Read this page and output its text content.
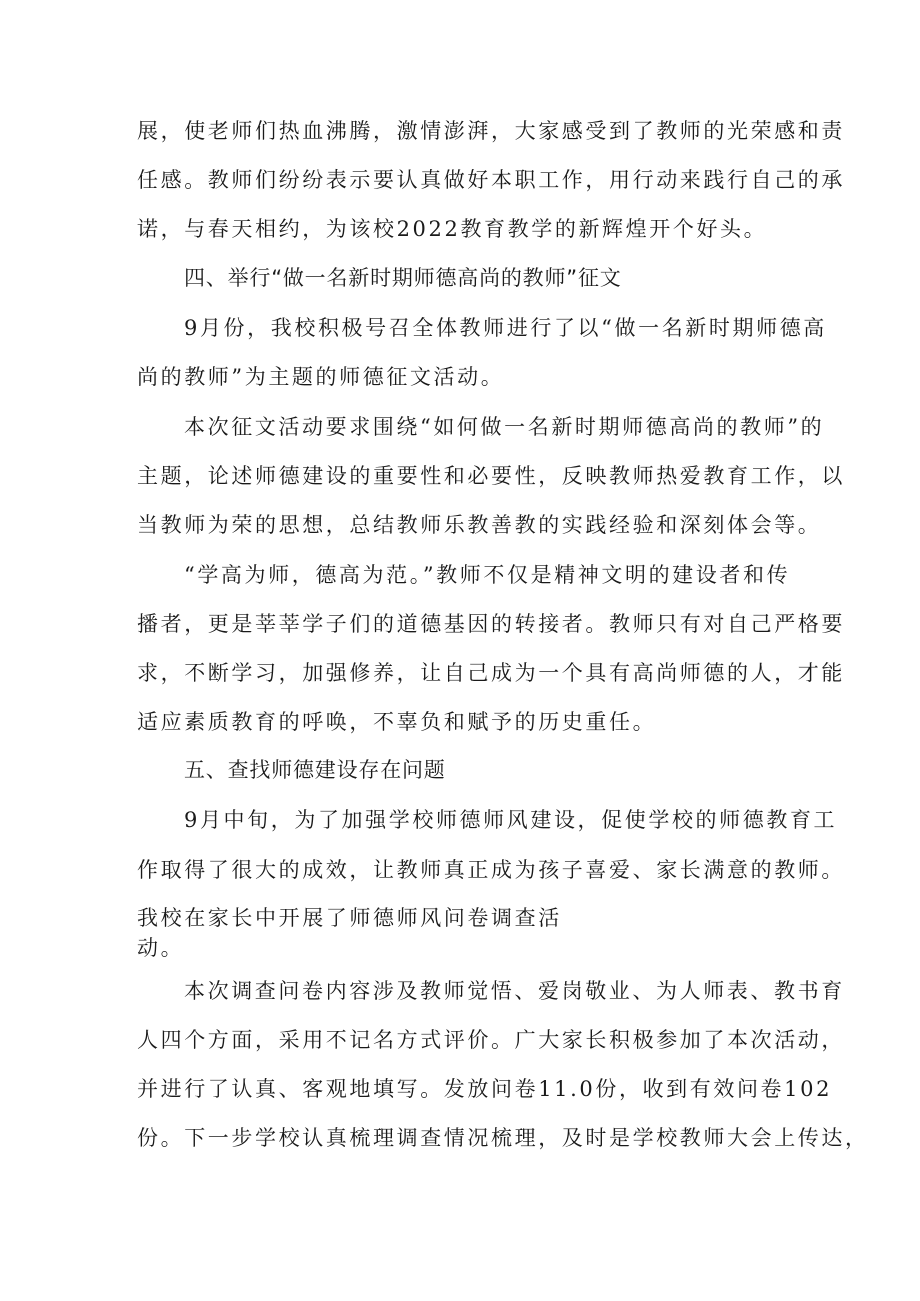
展，使老师们热血沸腾，激情澎湃，大家感受到了教师的光荣感和责
任感。教师们纷纷表示要认真做好本职工作，用行动来践行自己的承
诺，与春天相约，为该校2022教育教学的新辉煌开个好头。
四、举行“做一名新时期师德高尚的教师”征文
9月份，我校积极号召全体教师进行了以“做一名新时期师德高
尚的教师”为主题的师德征文活动。
本次征文活动要求围绕“如何做一名新时期师德高尚的教师”的
主题，论述师德建设的重要性和必要性，反映教师热爱教育工作，以
当教师为荣的思想，总结教师乐教善教的实践经验和深刻体会等。
“学高为师，德高为范。”教师不仅是精神文明的建设者和传
播者，更是莘莘学子们的道德基因的转接者。教师只有对自己严格要
求，不断学习，加强修养，让自己成为一个具有高尚师德的人，才能
适应素质教育的呼唤，不辜负和赋予的历史重任。
五、查找师德建设存在问题
9月中旬，为了加强学校师德师风建设，促使学校的师德教育工
作取得了很大的成效，让教师真正成为孩子喜爱、家长满意的教师。
我校在家长中开展了师德师风问卷调查活
动。
本次调查问卷内容涉及教师觉悟、爱岗敬业、为人师表、教书育
人四个方面，采用不记名方式评价。广大家长积极参加了本次活动，
并进行了认真、客观地填写。发放问卷11.0份，收到有效问卷102
份。下一步学校认真梳理调查情况梳理，及时是学校教师大会上传达，
